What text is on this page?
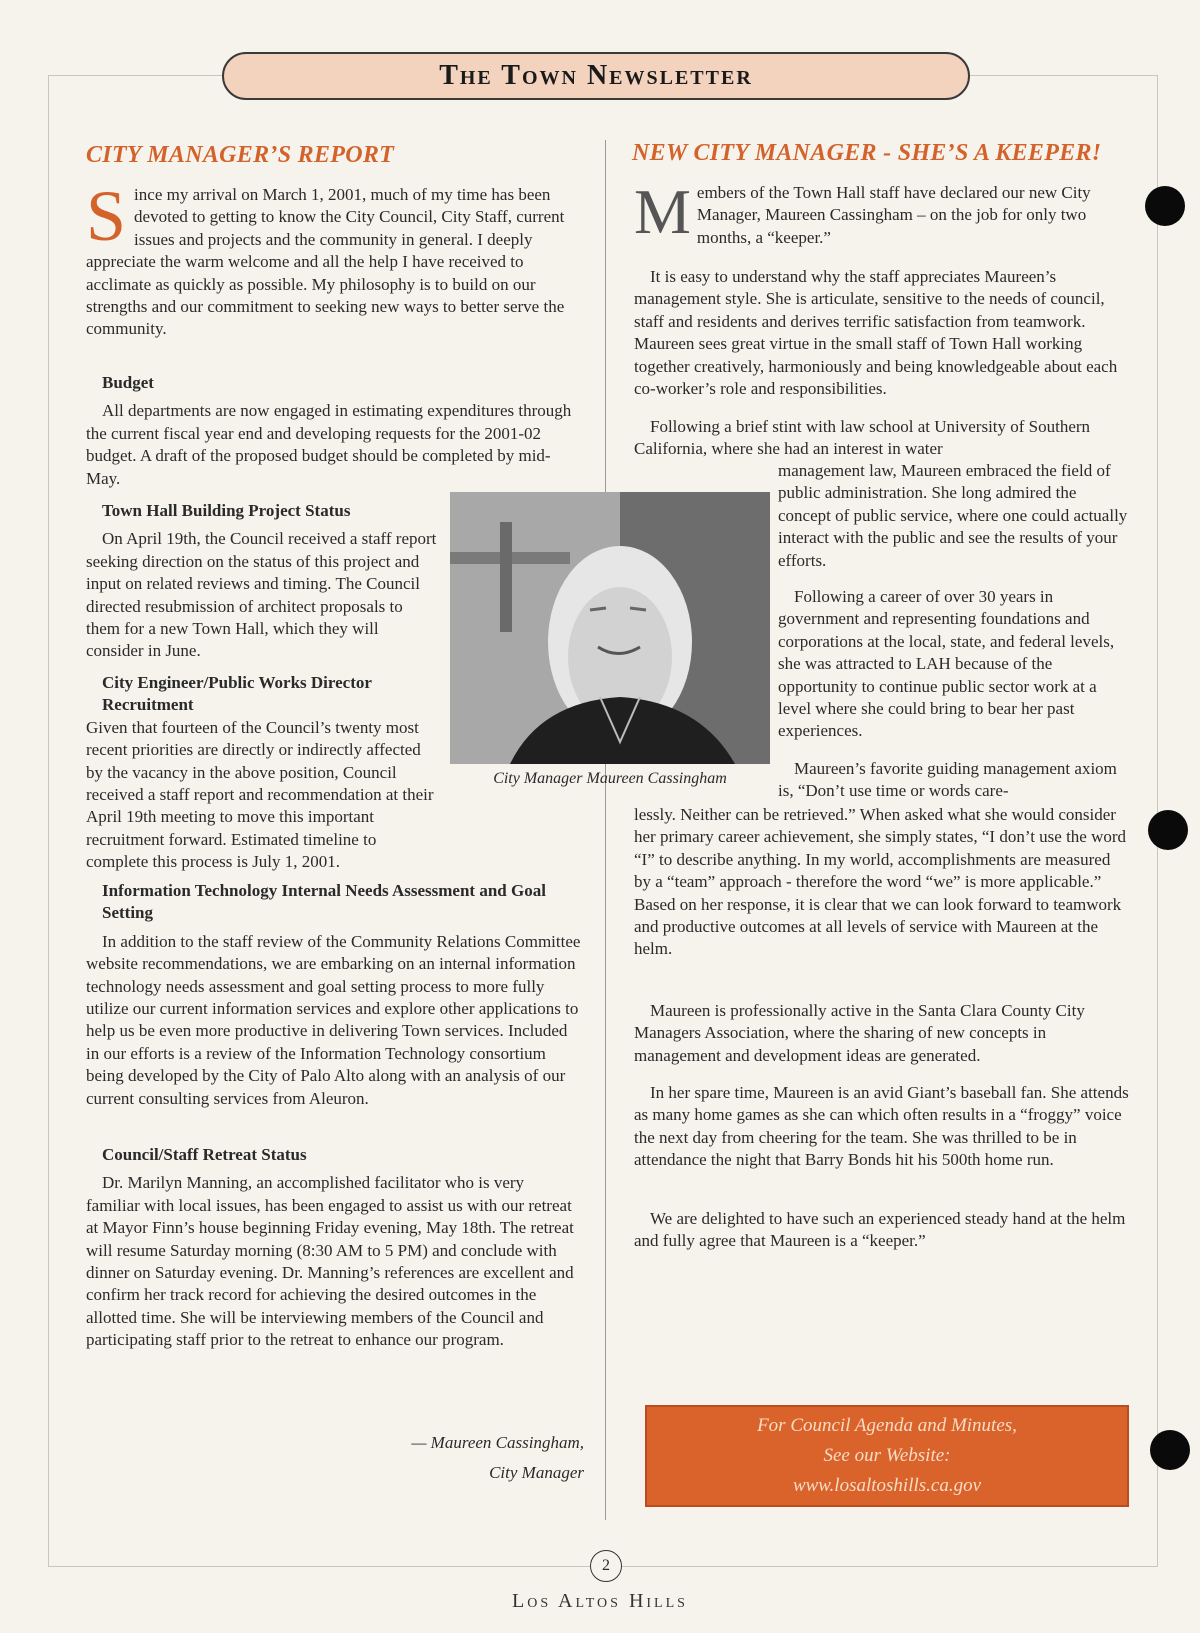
The Town Newsletter
CITY MANAGER’S REPORT

S ince my arrival on March 1, 2001, much of my time has been devoted to getting to know the City Council, City Staff, current issues and projects and the community in general. I deeply appreciate the warm welcome and all the help I have received to acclimate as quickly as possible. My philosophy is to build on our strengths and our commitment to seeking new ways to better serve the community.

Budget

All departments are now engaged in estimating expenditures through the current fiscal year end and developing requests for the 2001-02 budget. A draft of the proposed budget should be completed by mid-May.

Town Hall Building Project Status

On April 19th, the Council received a staff report seeking direction on the status of this project and input on related reviews and timing. The Council directed resubmission of architect proposals to them for a new Town Hall, which they will consider in June.

City Engineer/Public Works Director Recruitment

Given that fourteen of the Council’s twenty most recent priorities are directly or indirectly affected by the vacancy in the above position, Council received a staff report and recommendation at their April 19th meeting to move this important recruitment forward. Estimated timeline to complete this process is July 1, 2001.

Information Technology Internal Needs Assessment and Goal Setting

In addition to the staff review of the Community Relations Committee website recommendations, we are embarking on an internal information technology needs assessment and goal setting process to more fully utilize our current information services and explore other applications to help us be even more productive in delivering Town services. Included in our efforts is a review of the Information Technology consortium being developed by the City of Palo Alto along with an analysis of our current consulting services from Aleuron.

Council/Staff Retreat Status

Dr. Marilyn Manning, an accomplished facilitator who is very familiar with local issues, has been engaged to assist us with our retreat at Mayor Finn’s house beginning Friday evening, May 18th. The retreat will resume Saturday morning (8:30 AM to 5 PM) and conclude with dinner on Saturday evening. Dr. Manning’s references are excellent and confirm her track record for achieving the desired outcomes in the allotted time. She will be interviewing members of the Council and participating staff prior to the retreat to enhance our program.

— Maureen Cassingham,
City Manager
City Manager Maureen Cassingham
NEW CITY MANAGER - SHE’S A KEEPER!

M embers of the Town Hall staff have declared our new City Manager, Maureen Cassingham – on the job for only two months, a “keeper.”

It is easy to understand why the staff appreciates Maureen’s management style. She is articulate, sensitive to the needs of council, staff and residents and derives terrific satisfaction from teamwork. Maureen sees great virtue in the small staff of Town Hall working together creatively, harmoniously and being knowledgeable about each co-worker’s role and responsibilities.

Following a brief stint with law school at University of Southern California, where she had an interest in water

management law, Maureen embraced the field of public administration. She long admired the concept of public service, where one could actually interact with the public and see the results of your efforts.

Following a career of over 30 years in government and representing foundations and corporations at the local, state, and federal levels, she was attracted to LAH because of the opportunity to continue public sector work at a level where she could bring to bear her past experiences.

Maureen’s favorite guiding management axiom is, “Don’t use time or words care-

lessly. Neither can be retrieved.” When asked what she would consider her primary career achievement, she simply states, “I don’t use the word “I” to describe anything. In my world, accomplishments are measured by a “team” approach - therefore the word “we” is more applicable.” Based on her response, it is clear that we can look forward to teamwork and productive outcomes at all levels of service with Maureen at the helm.

Maureen is professionally active in the Santa Clara County City Managers Association, where the sharing of new concepts in management and development ideas are generated.

In her spare time, Maureen is an avid Giant’s baseball fan. She attends as many home games as she can which often results in a “froggy” voice the next day from cheering for the team. She was thrilled to be in attendance the night that Barry Bonds hit his 500th home run.

We are delighted to have such an experienced steady hand at the helm and fully agree that Maureen is a “keeper.”

For Council Agenda and Minutes,
See our Website:
www.losaltoshills.ca.gov
2
Los Altos Hills
